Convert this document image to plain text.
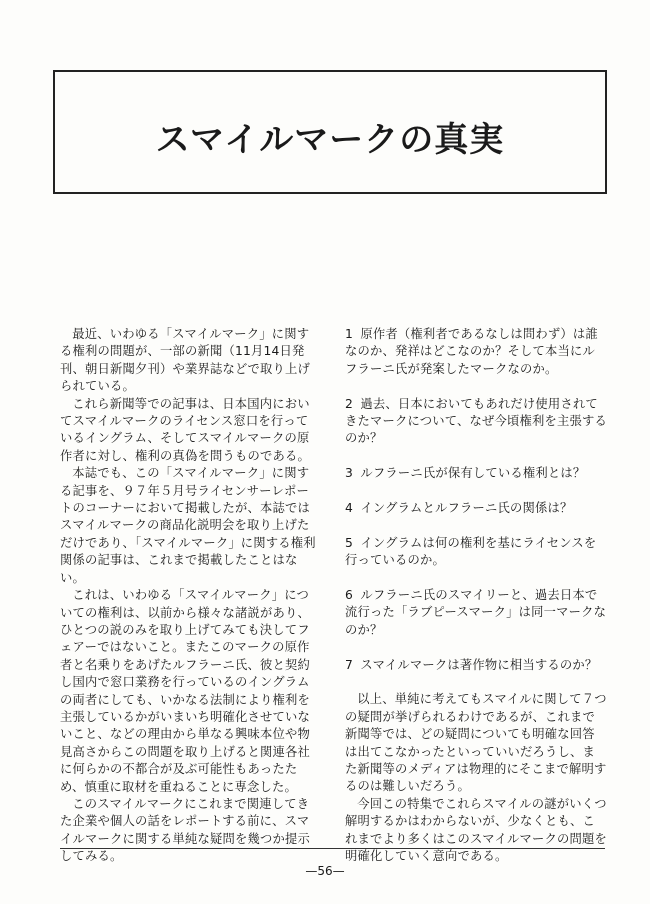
スマイルマークの真実

最近、いわゆる「スマイルマーク」に関する権利の問題が、一部の新聞（11月14日発刊、朝日新聞夕刊）や業界誌などで取り上げられている。

これら新聞等での記事は、日本国内においてスマイルマークのライセンス窓口を行っているイングラム、そしてスマイルマークの原作者に対し、権利の真偽を問うものである。

本誌でも、この「スマイルマーク」に関する記事を、９７年５月号ライセンサーレポートのコーナーにおいて掲載したが、本誌ではスマイルマークの商品化説明会を取り上げただけであり、「スマイルマーク」に関する権利関係の記事は、これまで掲載したことはない。

これは、いわゆる「スマイルマーク」についての権利は、以前から様々な諸説があり、ひとつの説のみを取り上げてみても決してフェアーではないこと。またこのマークの原作者と名乗りをあげたルフラーニ氏、彼と契約し国内で窓口業務を行っているのイングラムの両者にしても、いかなる法制により権利を主張しているかがいまいち明確化させていないこと、などの理由から単なる興味本位や物見高さからこの問題を取り上げると関連各社に何らかの不都合が及ぶ可能性もあったため、慎重に取材を重ねることに専念した。

このスマイルマークにこれまで関連してきた企業や個人の話をレポートする前に、スマイルマークに関する単純な疑問を幾つか提示してみる。

1 原作者（権利者であるなしは問わず）は誰なのか、発祥はどこなのか？そして本当にルフラーニ氏が発案したマークなのか。

2 過去、日本においてもあれだけ使用されてきたマークについて、なぜ今頃権利を主張するのか？

3 ルフラーニ氏が保有している権利とは？

4 イングラムとルフラーニ氏の関係は？

5 イングラムは何の権利を基にライセンスを行っているのか。

6 ルフラーニ氏のスマイリーと、過去日本で流行った「ラブピースマーク」は同一マークなのか？

7 スマイルマークは著作物に相当するのか？

以上、単純に考えてもスマイルに関して７つの疑問が挙げられるわけであるが、これまで新聞等では、どの疑問についても明確な回答は出てこなかったといっていいだろうし、また新聞等のメディアは物理的にそこまで解明するのは難しいだろう。

今回この特集でこれらスマイルの謎がいくつ解明するかはわからないが、少なくとも、これまでより多くはこのスマイルマークの問題を明確化していく意向である。

—56—
